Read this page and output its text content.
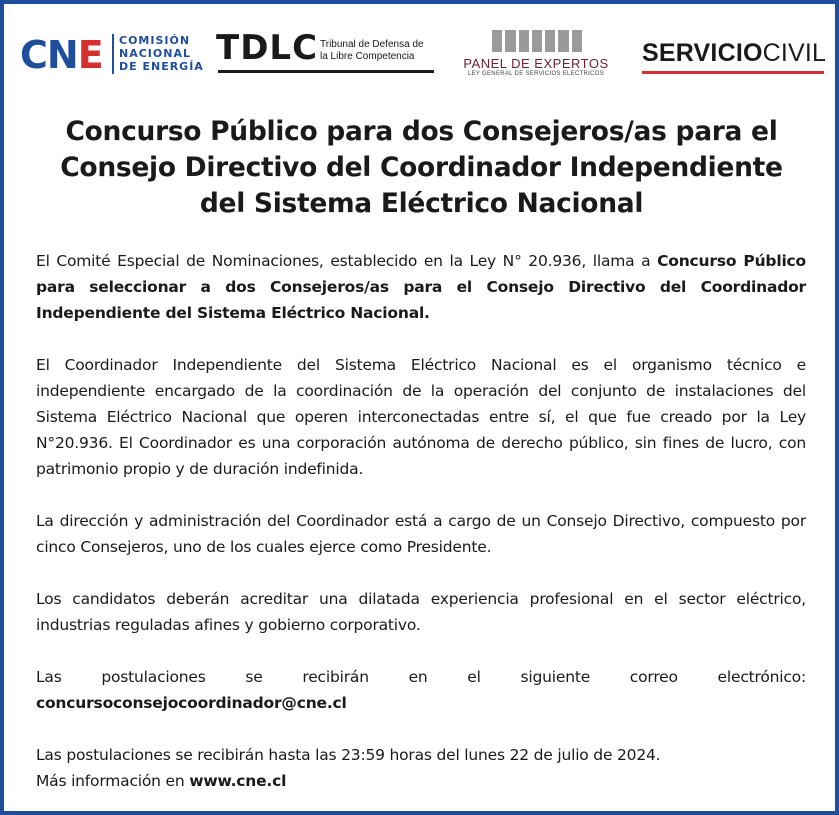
CNE COMISIÓN
NACIONAL
DE ENERGÍA TDLC Tribunal de Defensa de
la Libre Competencia	PANEL DE EXPERTOS
LEY GENERAL DE SERVICIOS ELECTRICOS
SERVICIOCIVIL
Concurso Público para dos Consejeros/as para el Consejo Directivo del Coordinador Independiente del Sistema Eléctrico Nacional

El Comité Especial de Nominaciones, establecido en la Ley N° 20.936, llama a Concurso Público para seleccionar a dos Consejeros/as para el Consejo Directivo del Coordinador Independiente del Sistema Eléctrico Nacional.

El Coordinador Independiente del Sistema Eléctrico Nacional es el organismo técnico e independiente encargado de la coordinación de la operación del conjunto de instalaciones del Sistema Eléctrico Nacional que operen interconectadas entre sí, el que fue creado por la Ley N°20.936. El Coordinador es una corporación autónoma de derecho público, sin fines de lucro, con patrimonio propio y de duración indefinida.

La dirección y administración del Coordinador está a cargo de un Consejo Directivo, compuesto por cinco Consejeros, uno de los cuales ejerce como Presidente.

Los candidatos deberán acreditar una dilatada experiencia profesional en el sector eléctrico, industrias reguladas afines y gobierno corporativo.

Las postulaciones se recibirán en el siguiente correo electrónico:
concursoconsejocoordinador@cne.cl

Las postulaciones se recibirán hasta las 23:59 horas del lunes 22 de julio de 2024.
Más información en www.cne.cl
